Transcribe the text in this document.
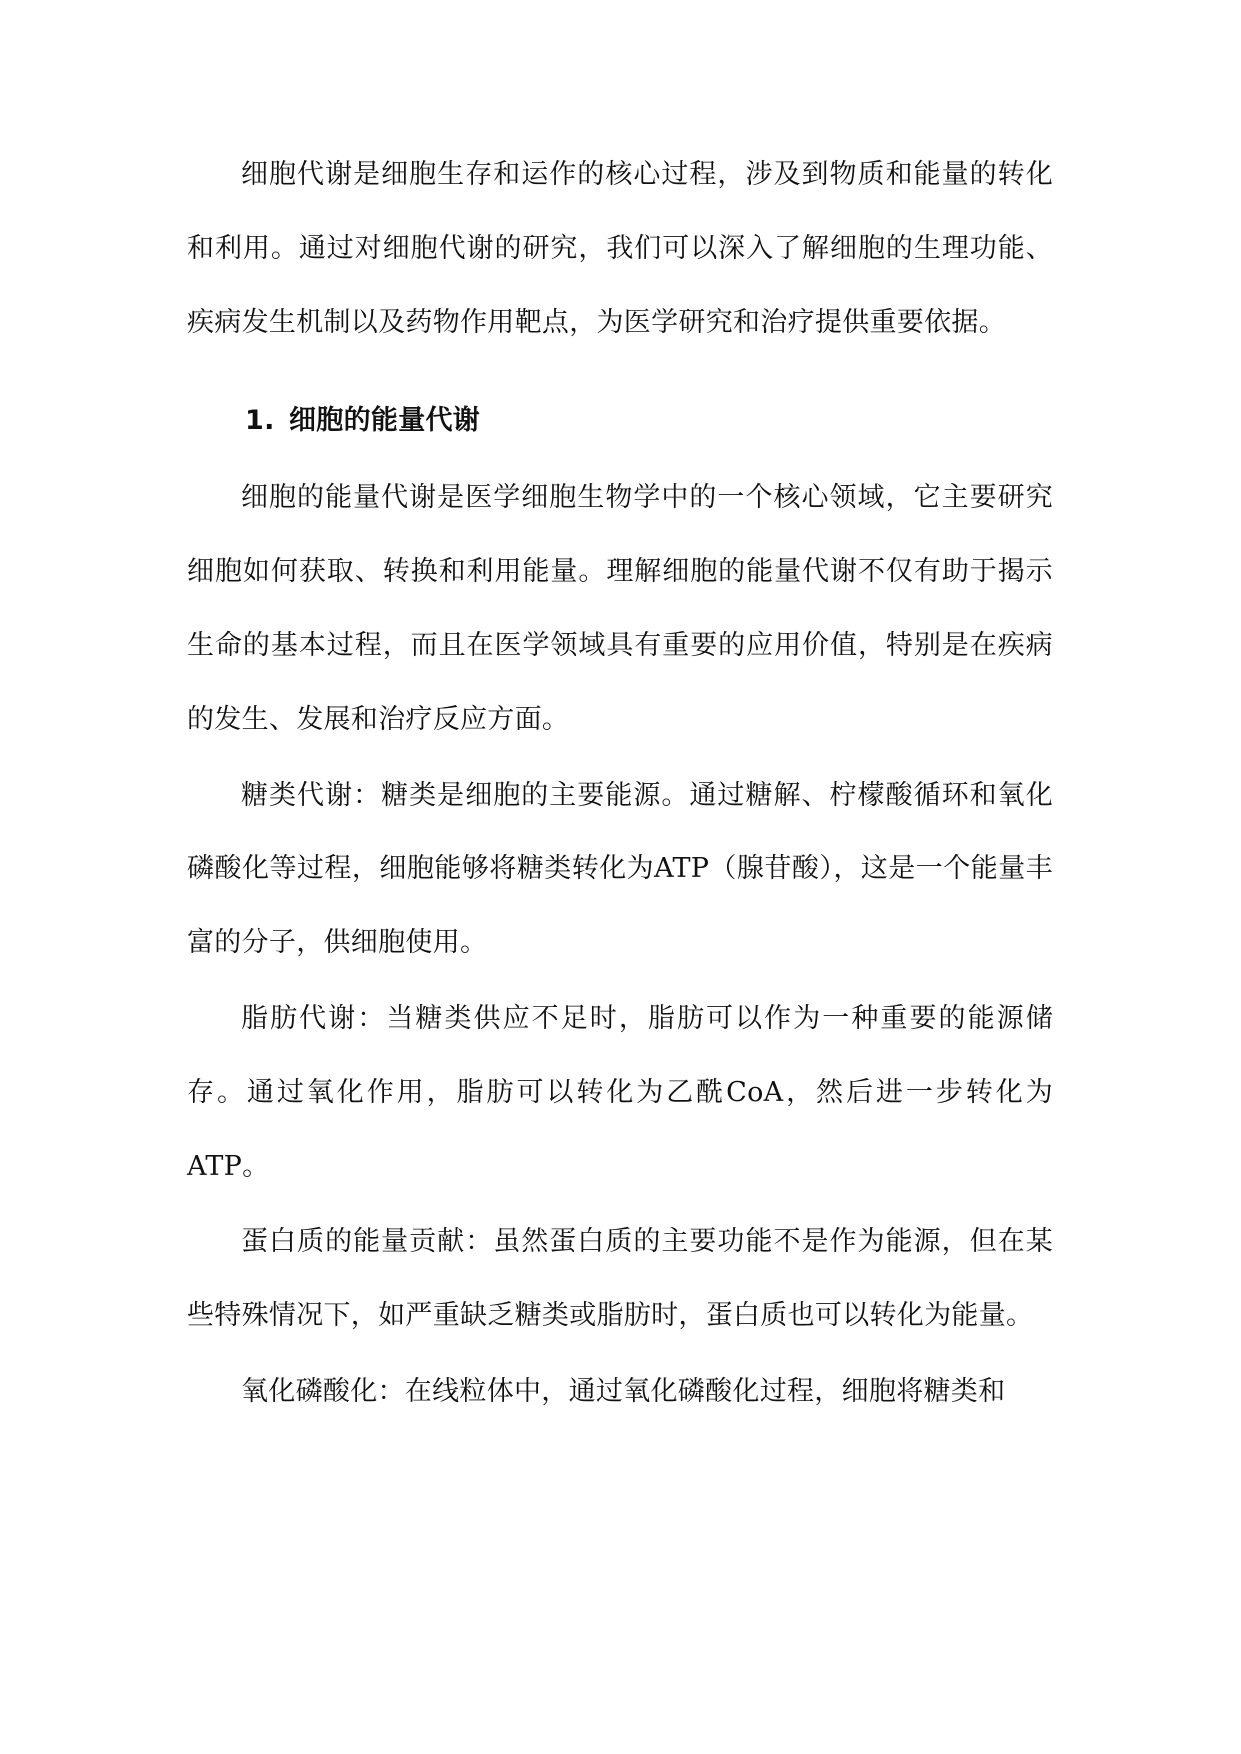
细胞代谢是细胞生存和运作的核心过程，涉及到物质和能量的转化和利用。通过对细胞代谢的研究，我们可以深入了解细胞的生理功能、疾病发生机制以及药物作用靶点，为医学研究和治疗提供重要依据。

1. 细胞的能量代谢

细胞的能量代谢是医学细胞生物学中的一个核心领域，它主要研究细胞如何获取、转换和利用能量。理解细胞的能量代谢不仅有助于揭示生命的基本过程，而且在医学领域具有重要的应用价值，特别是在疾病的发生、发展和治疗反应方面。

糖类代谢：糖类是细胞的主要能源。通过糖解、柠檬酸循环和氧化磷酸化等过程，细胞能够将糖类转化为ATP（腺苷酸），这是一个能量丰富的分子，供细胞使用。

脂肪代谢：当糖类供应不足时，脂肪可以作为一种重要的能源储存。通过氧化作用，脂肪可以转化为乙酰CoA，然后进一步转化为ATP。

蛋白质的能量贡献：虽然蛋白质的主要功能不是作为能源，但在某些特殊情况下，如严重缺乏糖类或脂肪时，蛋白质也可以转化为能量。

氧化磷酸化：在线粒体中，通过氧化磷酸化过程，细胞将糖类和
